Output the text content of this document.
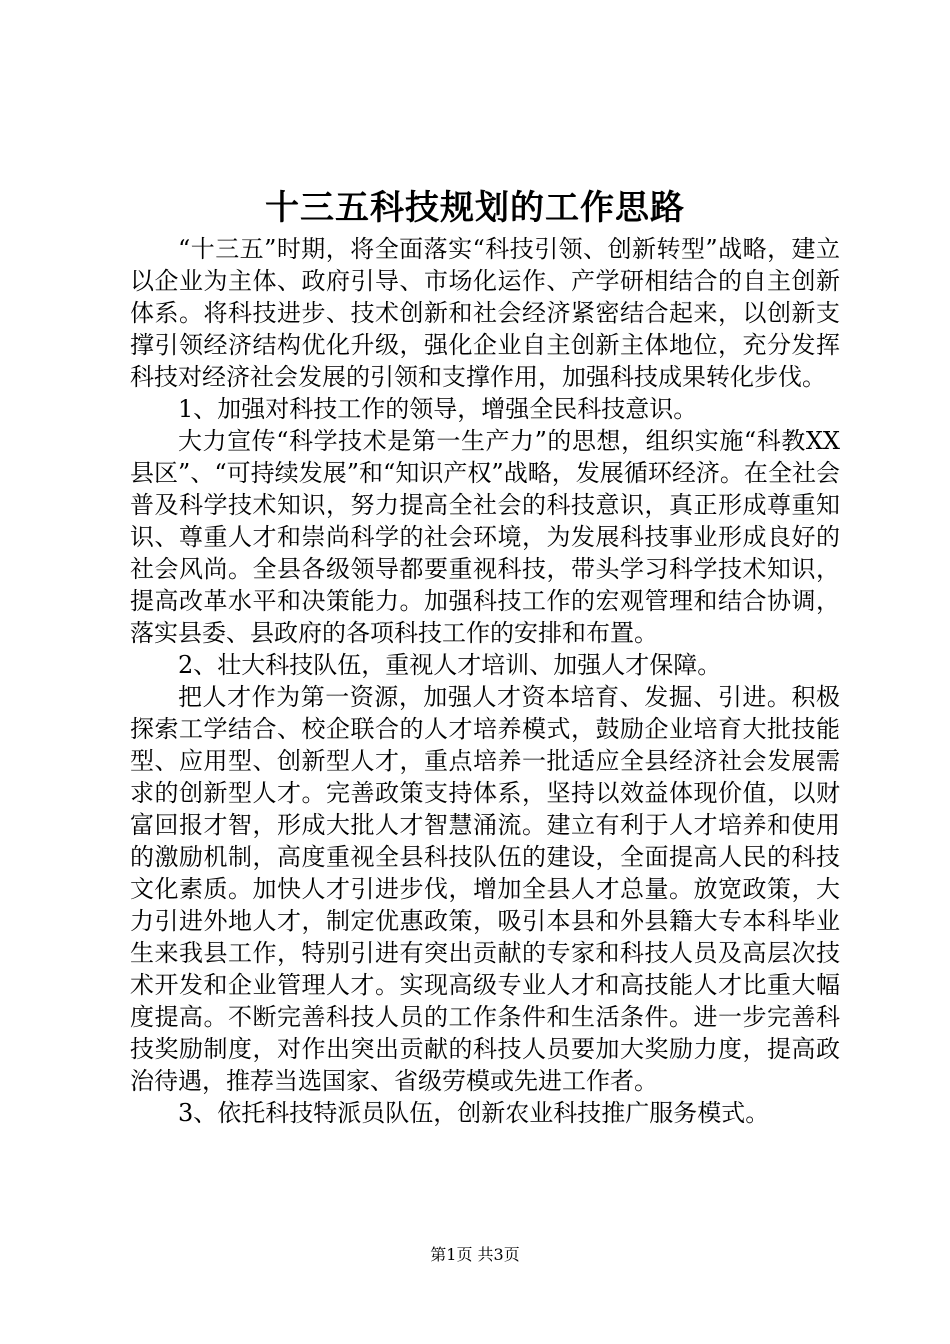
十三五科技规划的工作思路

“十三五”时期，将全面落实“科技引领、创新转型”战略，建立以企业为主体、政府引导、市场化运作、产学研相结合的自主创新体系。将科技进步、技术创新和社会经济紧密结合起来，以创新支撑引领经济结构优化升级，强化企业自主创新主体地位，充分发挥科技对经济社会发展的引领和支撑作用，加强科技成果转化步伐。

1、加强对科技工作的领导，增强全民科技意识。

大力宣传“科学技术是第一生产力”的思想，组织实施“科教XX县区”、“可持续发展”和“知识产权”战略，发展循环经济。在全社会普及科学技术知识，努力提高全社会的科技意识，真正形成尊重知识、尊重人才和崇尚科学的社会环境，为发展科技事业形成良好的社会风尚。全县各级领导都要重视科技，带头学习科学技术知识，提高改革水平和决策能力。加强科技工作的宏观管理和结合协调，落实县委、县政府的各项科技工作的安排和布置。

2、壮大科技队伍，重视人才培训、加强人才保障。

把人才作为第一资源，加强人才资本培育、发掘、引进。积极探索工学结合、校企联合的人才培养模式，鼓励企业培育大批技能型、应用型、创新型人才，重点培养一批适应全县经济社会发展需求的创新型人才。完善政策支持体系，坚持以效益体现价值，以财富回报才智，形成大批人才智慧涌流。建立有利于人才培养和使用的激励机制，高度重视全县科技队伍的建设，全面提高人民的科技文化素质。加快人才引进步伐，增加全县人才总量。放宽政策，大力引进外地人才，制定优惠政策，吸引本县和外县籍大专本科毕业生来我县工作，特别引进有突出贡献的专家和科技人员及高层次技术开发和企业管理人才。实现高级专业人才和高技能人才比重大幅度提高。不断完善科技人员的工作条件和生活条件。进一步完善科技奖励制度，对作出突出贡献的科技人员要加大奖励力度，提高政治待遇，推荐当选国家、省级劳模或先进工作者。

3、依托科技特派员队伍，创新农业科技推广服务模式。

第1页 共3页
